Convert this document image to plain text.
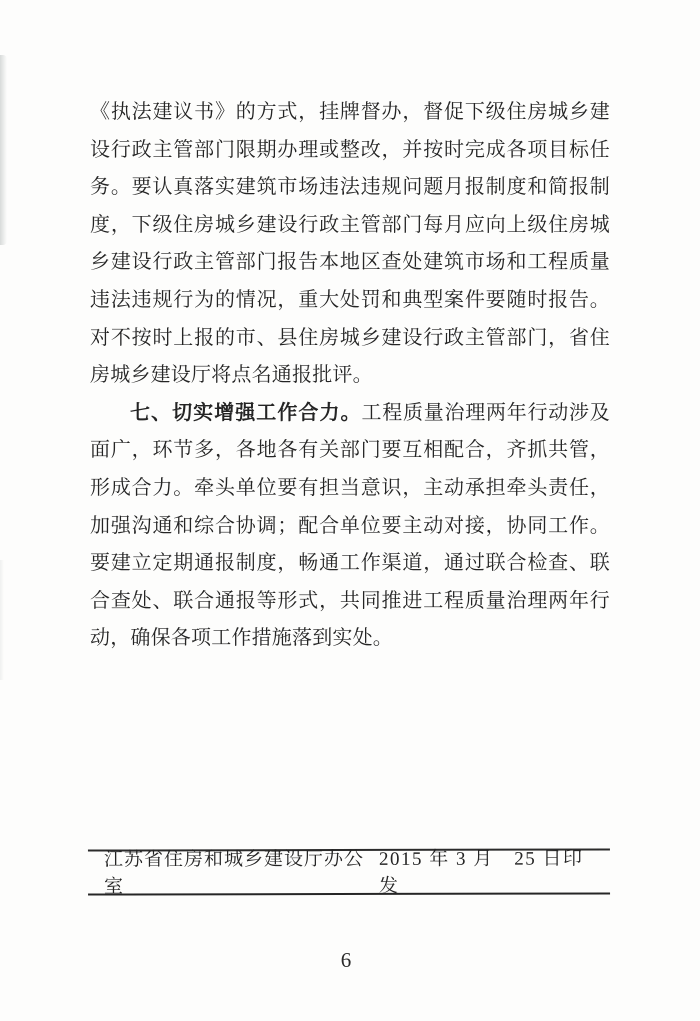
《执法建议书》的方式，挂牌督办，督促下级住房城乡建设行政主管部门限期办理或整改，并按时完成各项目标任务。要认真落实建筑市场违法违规问题月报制度和简报制度，下级住房城乡建设行政主管部门每月应向上级住房城乡建设行政主管部门报告本地区查处建筑市场和工程质量违法违规行为的情况，重大处罚和典型案件要随时报告。对不按时上报的市、县住房城乡建设行政主管部门，省住房城乡建设厅将点名通报批评。

七、切实增强工作合力。工程质量治理两年行动涉及面广，环节多，各地各有关部门要互相配合，齐抓共管，形成合力。牵头单位要有担当意识，主动承担牵头责任，加强沟通和综合协调；配合单位要主动对接，协同工作。要建立定期通报制度，畅通工作渠道，通过联合检查、联合查处、联合通报等形式，共同推进工程质量治理两年行动，确保各项工作措施落到实处。

江苏省住房和城乡建设厅办公室
2015 年 3 月　25 日印发
6
